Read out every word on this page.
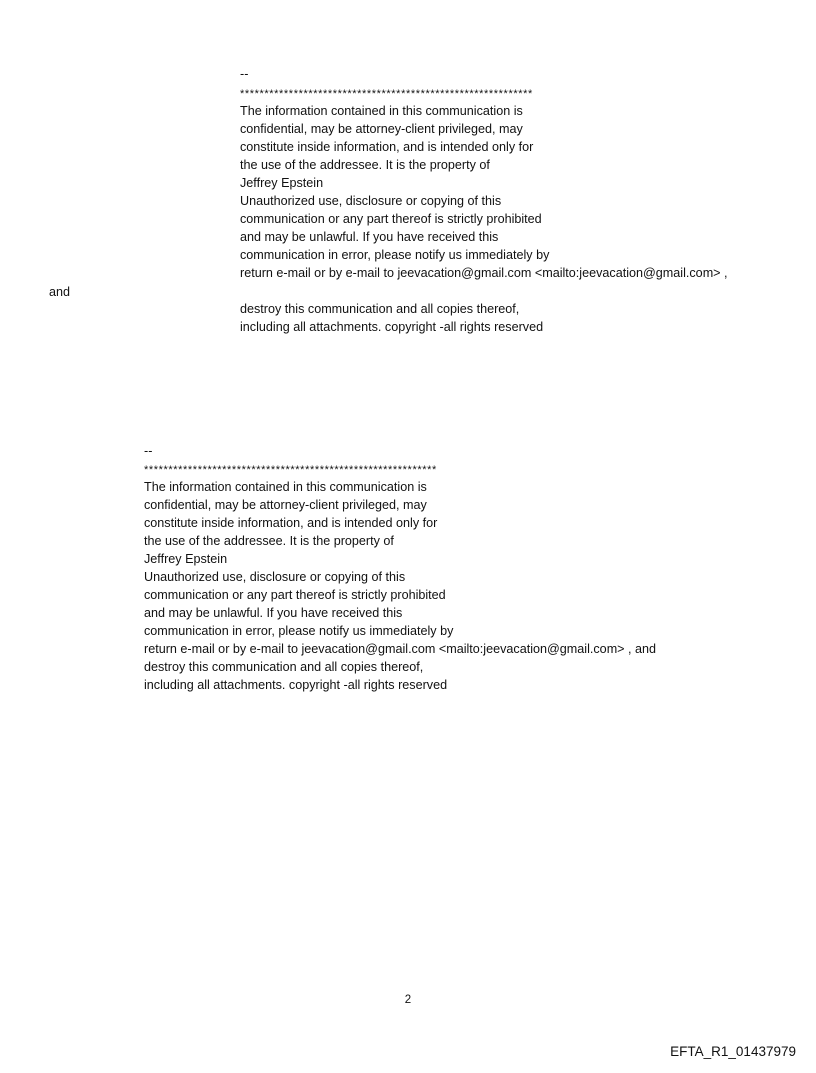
--

************************************************************

The information contained in this communication is

confidential, may be attorney-client privileged, may

constitute inside information, and is intended only for

the use of the addressee. It is the property of

Jeffrey Epstein

Unauthorized use, disclosure or copying of this

communication or any part thereof is strictly prohibited

and may be unlawful. If you have received this

communication in error, please notify us immediately by

return e-mail or by e-mail to jeevacation@gmail.com <mailto:jeevacation@gmail.com> ,

destroy this communication and all copies thereof,

including all attachments. copyright -all rights reserved

and

--

************************************************************

The information contained in this communication is

confidential, may be attorney-client privileged, may

constitute inside information, and is intended only for

the use of the addressee. It is the property of

Jeffrey Epstein

Unauthorized use, disclosure or copying of this

communication or any part thereof is strictly prohibited

and may be unlawful. If you have received this

communication in error, please notify us immediately by

return e-mail or by e-mail to jeevacation@gmail.com <mailto:jeevacation@gmail.com> , and

destroy this communication and all copies thereof,

including all attachments. copyright -all rights reserved

2
EFTA_R1_01437979
